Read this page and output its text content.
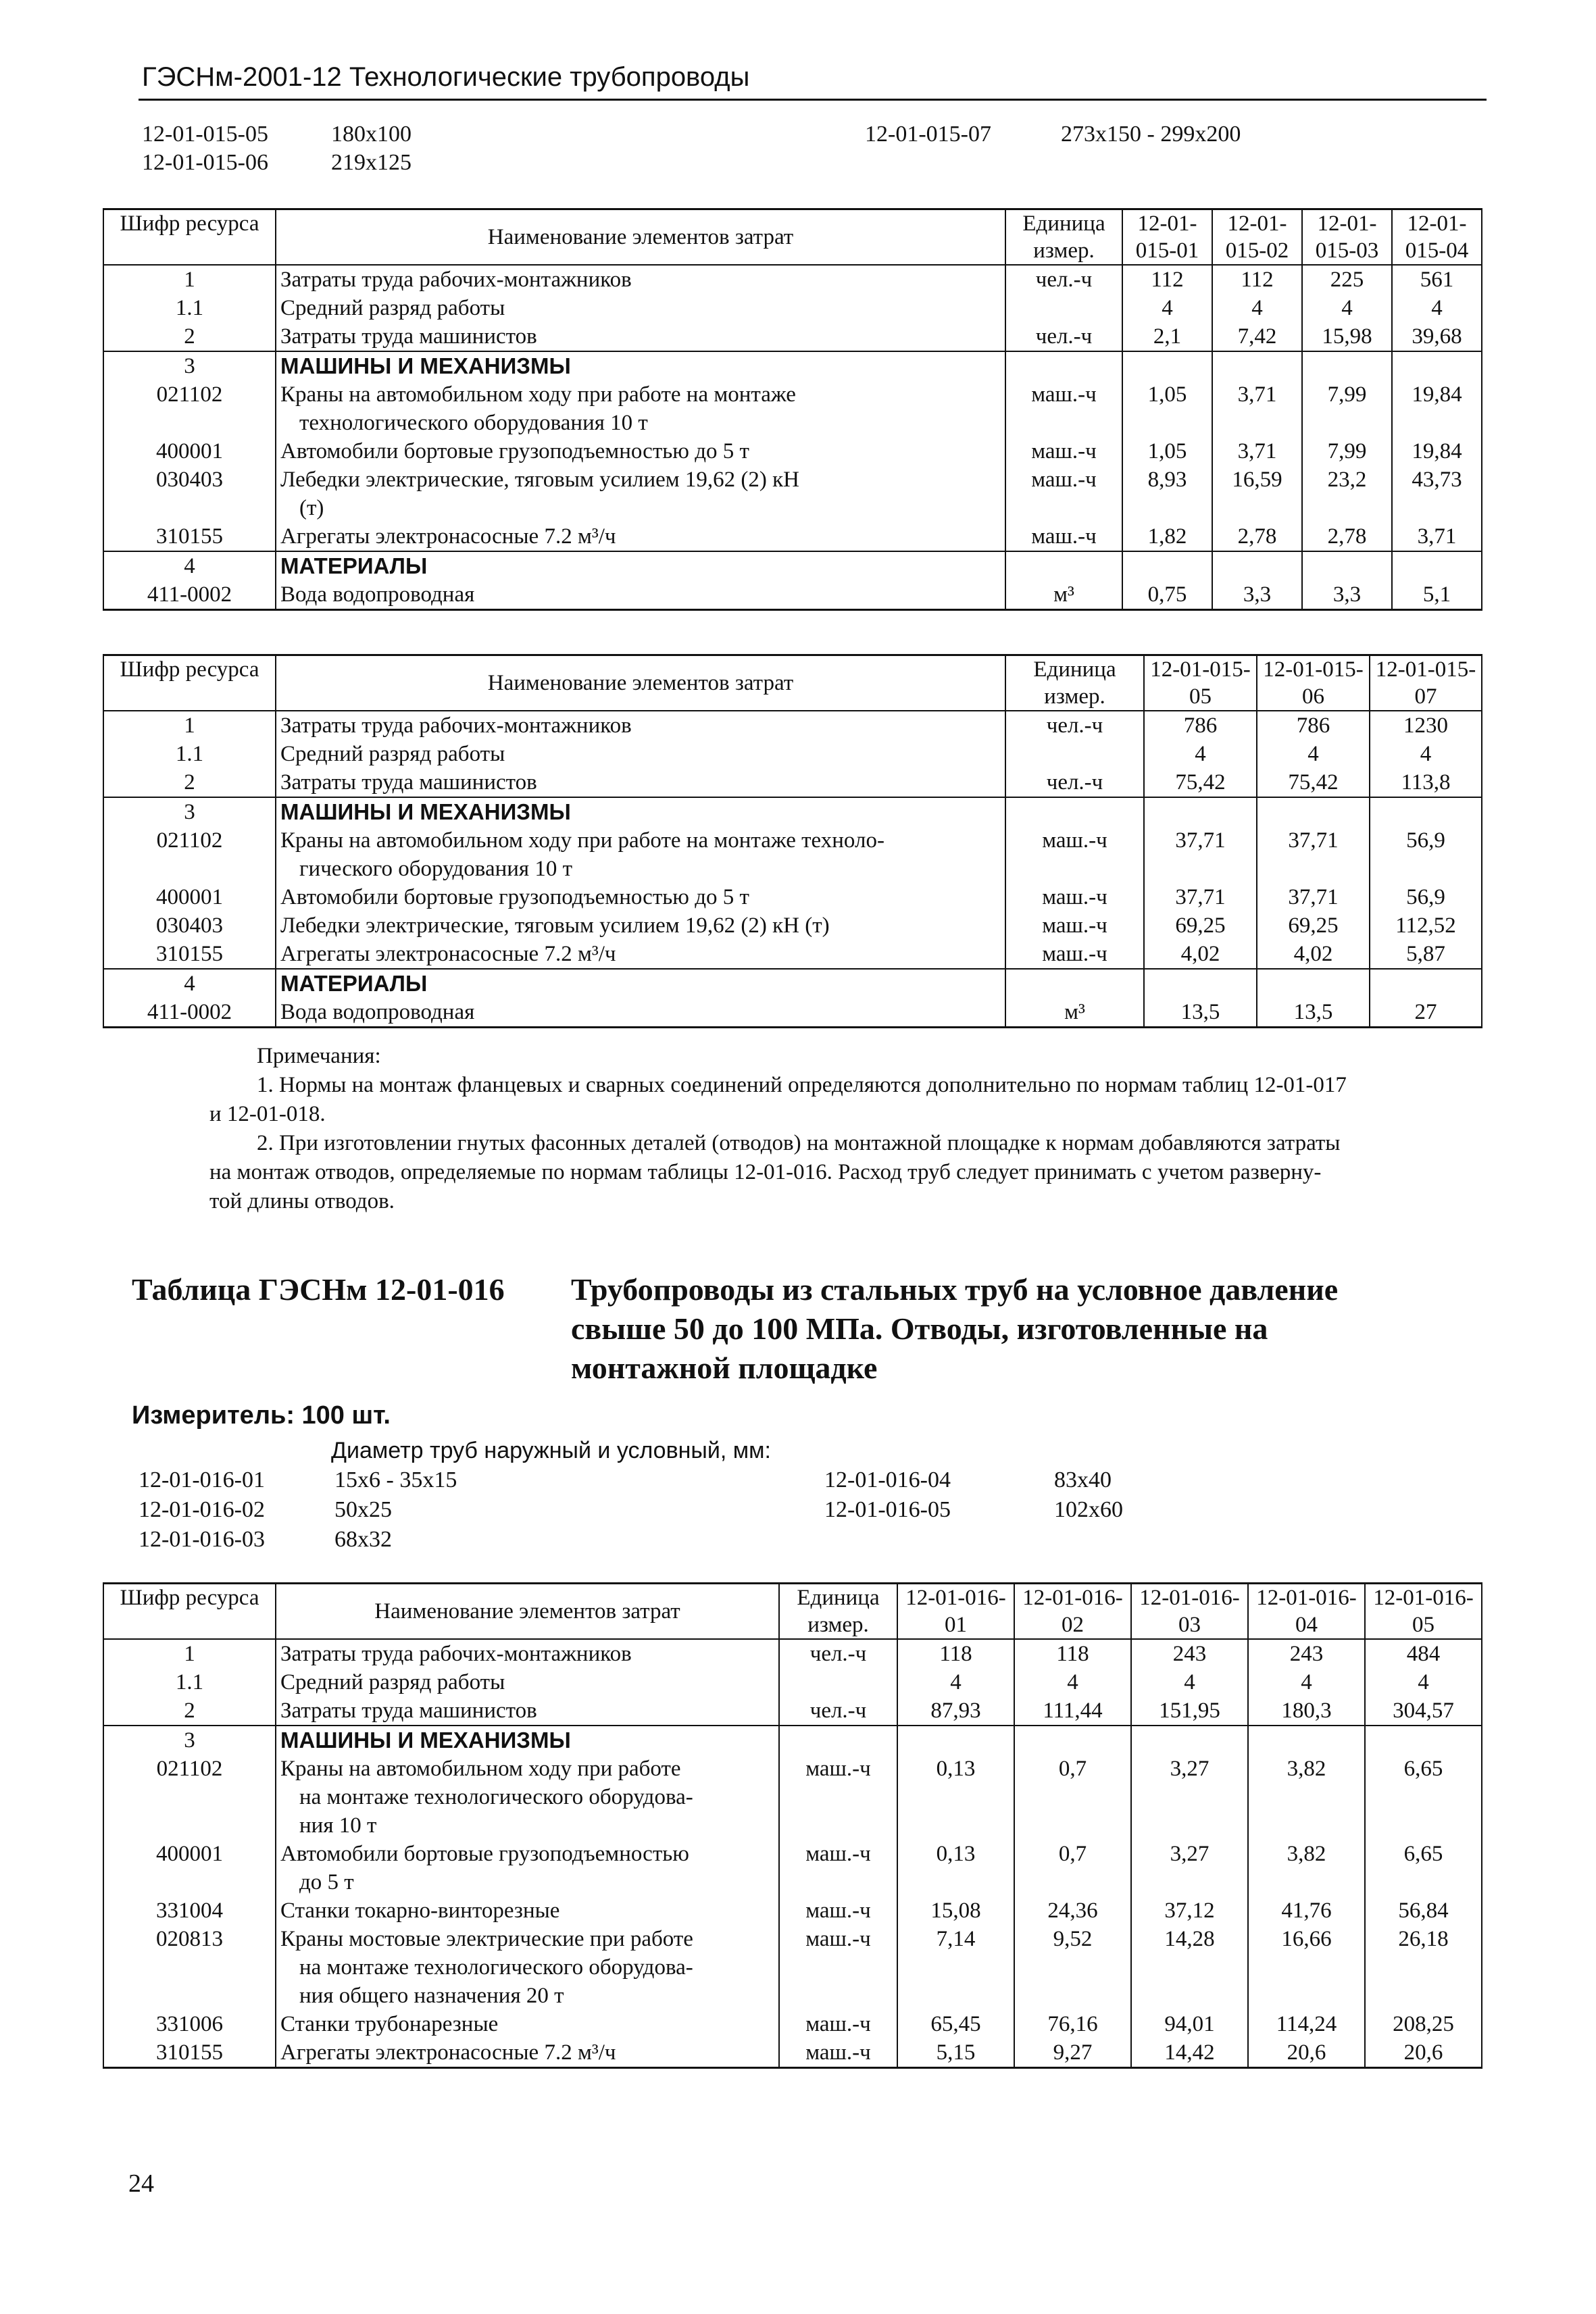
ГЭСНм-2001-12 Технологические трубопроводы
12-01-015-05	180х100
12-01-015-06	219х125
12-01-015-07	273х150 - 299х200
Шифр ресурса	Наименование элементов затрат	Единица измер.	12-01-015-01	12-01-015-02	12-01-015-03	12-01-015-04
1	Затраты труда рабочих-монтажников	чел.-ч	112	112	225	561
1.1	Средний разряд работы		4	4	4	4
2	Затраты труда машинистов	чел.-ч	2,1	7,42	15,98	39,68
3	МАШИНЫ И МЕХАНИЗМЫ					
021102	Краны на автомобильном ходу при работе на монтаже
технологического оборудования 10 т	маш.-ч	1,05	3,71	7,99	19,84
400001	Автомобили бортовые грузоподъемностью до 5 т	маш.-ч	1,05	3,71	7,99	19,84
030403	Лебедки электрические, тяговым усилием 19,62 (2) кН
(т)	маш.-ч	8,93	16,59	23,2	43,73
310155	Агрегаты электронасосные 7.2 м³/ч	маш.-ч	1,82	2,78	2,78	3,71
4	МАТЕРИАЛЫ					
411-0002	Вода водопроводная	м³	0,75	3,3	3,3	5,1
Шифр ресурса	Наименование элементов затрат	Единица измер.	12-01-015-05	12-01-015-06	12-01-015-07
1	Затраты труда рабочих-монтажников	чел.-ч	786	786	1230
1.1	Средний разряд работы		4	4	4
2	Затраты труда машинистов	чел.-ч	75,42	75,42	113,8
3	МАШИНЫ И МЕХАНИЗМЫ				
021102	Краны на автомобильном ходу при работе на монтаже техноло-
гического оборудования 10 т	маш.-ч	37,71	37,71	56,9
400001	Автомобили бортовые грузоподъемностью до 5 т	маш.-ч	37,71	37,71	56,9
030403	Лебедки электрические, тяговым усилием 19,62 (2) кН (т)	маш.-ч	69,25	69,25	112,52
310155	Агрегаты электронасосные 7.2 м³/ч	маш.-ч	4,02	4,02	5,87
4	МАТЕРИАЛЫ				
411-0002	Вода водопроводная	м³	13,5	13,5	27
Примечания:
1. Нормы на монтаж фланцевых и сварных соединений определяются дополнительно по нормам таблиц 12-01-017
и 12-01-018.
2. При изготовлении гнутых фасонных деталей (отводов) на монтажной площадке к нормам добавляются затраты
на монтаж отводов, определяемые по нормам таблицы 12-01-016. Расход труб следует принимать с учетом разверну-
той длины отводов.
Таблица ГЭСНм 12-01-016 Трубопроводы из стальных труб на условное давление
свыше 50 до 100 МПа. Отводы, изготовленные на
монтажной площадке
Измеритель: 100 шт.
Диаметр труб наружный и условный, мм:
12-01-016-01	15х6 - 35х15
12-01-016-02	50х25
12-01-016-03	68х32
12-01-016-04	83х40
12-01-016-05	102х60
Шифр ресурса	Наименование элементов затрат	Единица измер.	12-01-016-01	12-01-016-02	12-01-016-03	12-01-016-04	12-01-016-05
1	Затраты труда рабочих-монтажников	чел.-ч	118	118	243	243	484
1.1	Средний разряд работы		4	4	4	4	4
2	Затраты труда машинистов	чел.-ч	87,93	111,44	151,95	180,3	304,57
3	МАШИНЫ И МЕХАНИЗМЫ						
021102	Краны на автомобильном ходу при работе
на монтаже технологического оборудова-
ния 10 т	маш.-ч	0,13	0,7	3,27	3,82	6,65
400001	Автомобили бортовые грузоподъемностью
до 5 т	маш.-ч	0,13	0,7	3,27	3,82	6,65
331004	Станки токарно-винторезные	маш.-ч	15,08	24,36	37,12	41,76	56,84
020813	Краны мостовые электрические при работе
на монтаже технологического оборудова-
ния общего назначения 20 т	маш.-ч	7,14	9,52	14,28	16,66	26,18
331006	Станки трубонарезные	маш.-ч	65,45	76,16	94,01	114,24	208,25
310155	Агрегаты электронасосные 7.2 м³/ч	маш.-ч	5,15	9,27	14,42	20,6	20,6
24
